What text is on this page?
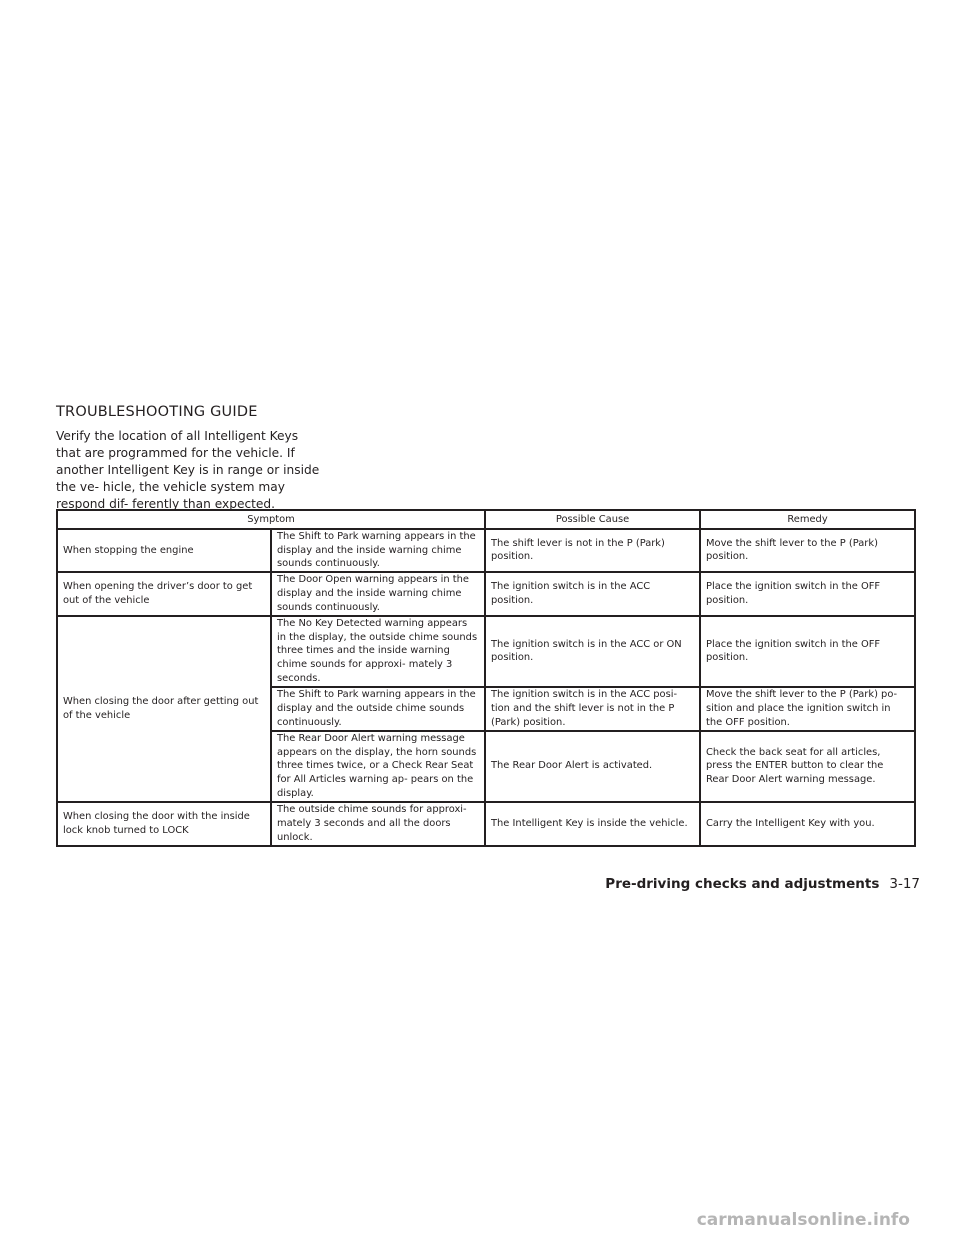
TROUBLESHOOTING GUIDE

Verify the location of all Intelligent Keys that are programmed for the vehicle. If another Intelligent Key is in range or inside the ve- hicle, the vehicle system may respond dif- ferently than expected.

Symptom		Possible Cause	Remedy
When stopping the engine	The Shift to Park warning appears in the display and the inside warning chime sounds continuously.	The shift lever is not in the P (Park) position.	Move the shift lever to the P (Park) position.
When opening the driver’s door to get out of the vehicle	The Door Open warning appears in the display and the inside warning chime sounds continuously.	The ignition switch is in the ACC position.	Place the ignition switch in the OFF position.
When closing the door after getting out of the vehicle	The No Key Detected warning appears in the display, the outside chime sounds three times and the inside warning chime sounds for approxi- mately 3 seconds.	The ignition switch is in the ACC or ON position.	Place the ignition switch in the OFF position.
	The Shift to Park warning appears in the display and the outside chime sounds continuously.	The ignition switch is in the ACC posi- tion and the shift lever is not in the P (Park) position.	Move the shift lever to the P (Park) po- sition and place the ignition switch in the OFF position.
	The Rear Door Alert warning message appears on the display, the horn sounds three times twice, or a Check Rear Seat for All Articles warning ap- pears on the display.	The Rear Door Alert is activated.	Check the back seat for all articles, press the ENTER button to clear the Rear Door Alert warning message.
When closing the door with the inside lock knob turned to LOCK	The outside chime sounds for approxi- mately 3 seconds and all the doors unlock.	The Intelligent Key is inside the vehicle.	Carry the Intelligent Key with you.
Pre-driving checks and adjustments 3-17
carmanualsonline.info
